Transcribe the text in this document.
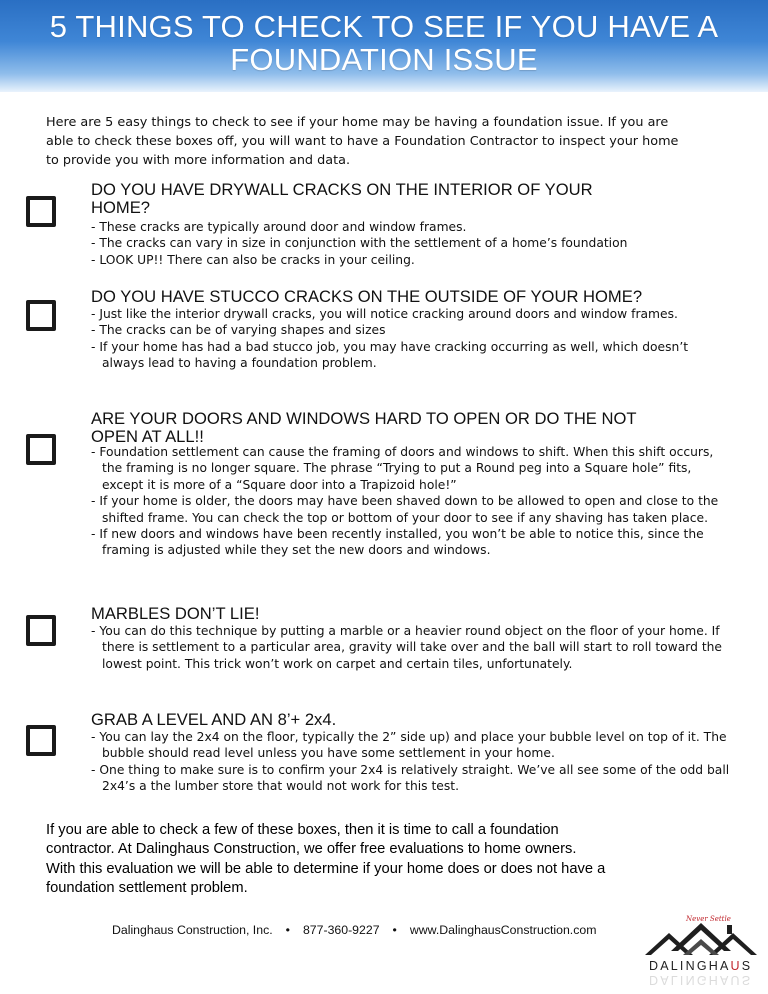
5 THINGS TO CHECK TO SEE IF YOU HAVE A
FOUNDATION ISSUE
Here are 5 easy things to check to see if your home may be having a foundation issue. If you are
able to check these boxes off, you will want to have a Foundation Contractor to inspect your home
to provide you with more information and data.
DO YOU HAVE DRYWALL CRACKS ON THE INTERIOR OF YOUR
HOME?
- These cracks are typically around door and window frames.
- The cracks can vary in size in conjunction with the settlement of a home’s foundation
- LOOK UP!! There can also be cracks in your ceiling.
DO YOU HAVE STUCCO CRACKS ON THE OUTSIDE OF YOUR HOME?
- Just like the interior drywall cracks, you will notice cracking around doors and window frames.
- The cracks can be of varying shapes and sizes
- If your home has had a bad stucco job, you may have cracking occurring as well, which doesn’t always lead to having a foundation problem.
ARE YOUR DOORS AND WINDOWS HARD TO OPEN OR DO THE NOT
OPEN AT ALL!!
- Foundation settlement can cause the framing of doors and windows to shift. When this shift occurs, the framing is no longer square. The phrase “Trying to put a Round peg into a Square hole” fits, except it is more of a “Square door into a Trapizoid hole!”
- If your home is older, the doors may have been shaved down to be allowed to open and close to the shifted frame. You can check the top or bottom of your door to see if any shaving has taken place.
- If new doors and windows have been recently installed, you won’t be able to notice this, since the framing is adjusted while they set the new doors and windows.
MARBLES DON’T LIE!
- You can do this technique by putting a marble or a heavier round object on the floor of your home. If there is settlement to a particular area, gravity will take over and the ball will start to roll toward the lowest point. This trick won’t work on carpet and certain tiles, unfortunately.
GRAB A LEVEL AND AN 8’+ 2x4.
- You can lay the 2x4 on the floor, typically the 2” side up) and place your bubble level on top of it. The bubble should read level unless you have some settlement in your home.
- One thing to make sure is to confirm your 2x4 is relatively straight. We’ve all see some of the odd ball 2x4’s a the lumber store that would not work for this test.
If you are able to check a few of these boxes, then it is time to call a foundation
contractor. At Dalinghaus Construction, we offer free evaluations to home owners.
With this evaluation we will be able to determine if your home does or does not have a
foundation settlement problem.
Dalinghaus Construction, Inc. • 877-360-9227 • www.DalinghausConstruction.com
Never Settle
DALINGHAUS
DALINGHAUS
